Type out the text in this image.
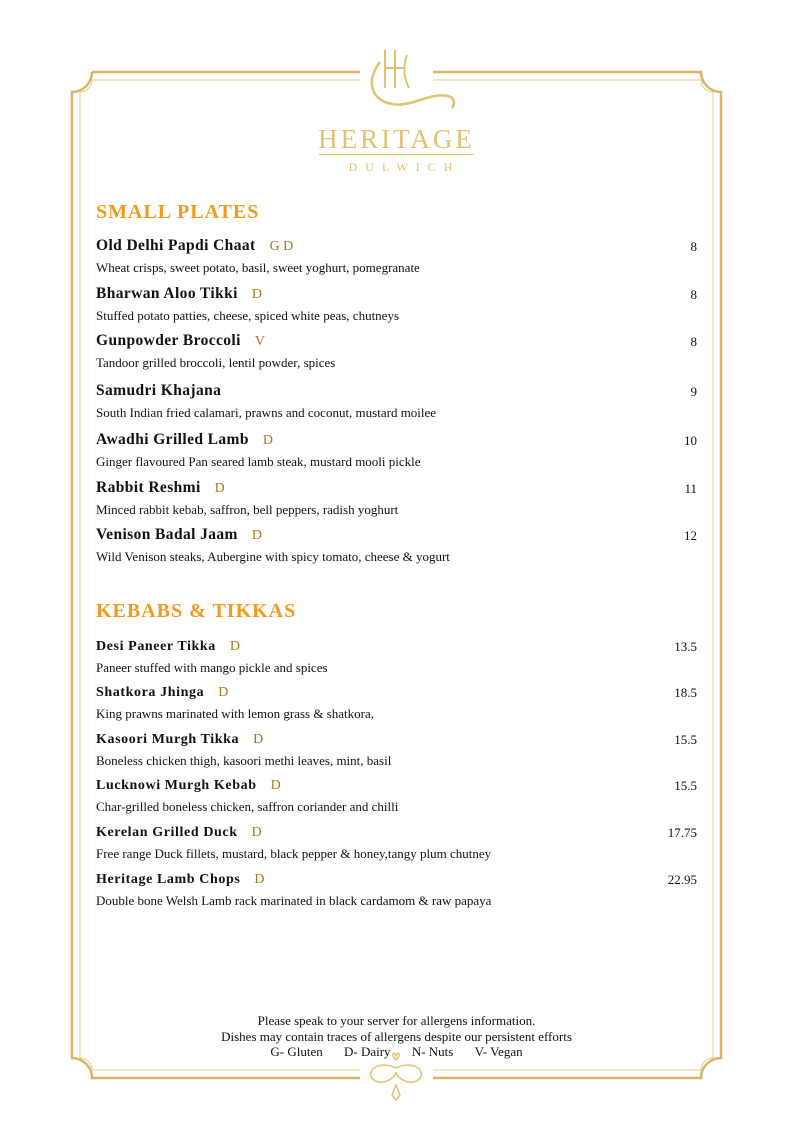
HERITAGE
DULWICH
SMALL PLATES
Old Delhi Papdi Chaat G D	8
Wheat crisps, sweet potato, basil, sweet yoghurt, pomegranate
Bharwan Aloo Tikki D	8
Stuffed potato patties, cheese, spiced white peas, chutneys
Gunpowder Broccoli V	8
Tandoor grilled broccoli, lentil powder, spices
Samudri Khajana	9
South Indian fried calamari, prawns and coconut, mustard moilee
Awadhi Grilled Lamb D	10
Ginger flavoured Pan seared lamb steak, mustard mooli pickle
Rabbit Reshmi D	11
Minced rabbit kebab, saffron, bell peppers, radish yoghurt
Venison Badal Jaam D	12
Wild Venison steaks, Aubergine with spicy tomato, cheese & yogurt
KEBABS & TIKKAS
Desi Paneer Tikka D	13.5
Paneer stuffed with mango pickle and spices
Shatkora Jhinga D	18.5
King prawns marinated with lemon grass & shatkora,
Kasoori Murgh Tikka D	15.5
Boneless chicken thigh, kasoori methi leaves, mint, basil
Lucknowi Murgh Kebab D	15.5
Char-grilled boneless chicken, saffron coriander and chilli
Kerelan Grilled Duck D	17.75
Free range Duck fillets, mustard, black pepper & honey,tangy plum chutney
Heritage Lamb Chops D	22.95
Double bone Welsh Lamb rack marinated in black cardamom & raw papaya
Please speak to your server for allergens information.
Dishes may contain traces of allergens despite our persistent efforts
G- Gluten D- Dairy N- Nuts V- Vegan
